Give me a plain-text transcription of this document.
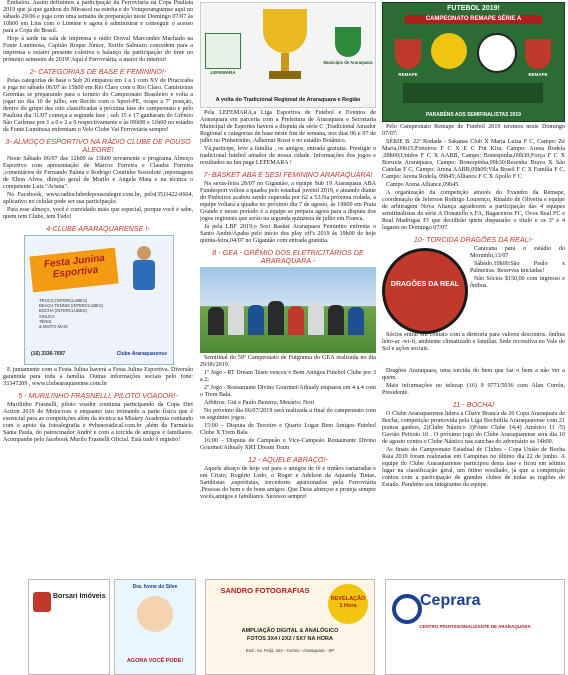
Embalou. Assim definimos a participação da Ferroviária na Copa Paulista 2019 que já que ganhou do Mirassol na estréia e do Votuporanguense aqui no sábado 29/06 e joga com uma semana de preparação neste Domingo 07/07 às 10h00 em Lins com o Linense e agora é administrar e conseguir o acesso para a Copa do Brasil.

Hoje à tarde na sala de imprensa e rádio Doival Marcondes Machado na Fonte Luminosa, Capitão Roque Júnior, Xerife Salmazo concedem para a imprensa e estarei presente coletiva o balanço da participação do time no primeiro semestre de 2019! Aqui é Ferroviária, a maior do interior!

2- CATEGORIAS DE BASE E FEMININO!-

Pelas categorias de base o Sub 20 empatou em 1 a 1 com XV de Piracicaba e joga no sábado 06/07 às 15h00 em Rio Claro com o Rio Claro. Camisteiras Gerenias se preparando para o torneio do Campeonato Brasileiro e volta a jogar no dia 10 de julho, em Recife com o Sport-PE, ocupa a 7ª posição, dentro do grupo das oito classificadas à próxima fase do campeonato e pelo Paulista dia 31/07 começa a segunda fase ; sub 15 e 17 ganharam do Grêmio São Carlense por 1 a 0 e 2 a 0 respectivamente e às 09h00 e 11h00 no estádio da Fonte Luminosa enfrentam o Velo Clube Vai Ferroviária sempre!

3- ALMOÇO ESPORTIVO NA RÁDIO CLUBE DE POUSO ALEGRE!

Neste Sábado 06/07 das 12h00 às 13h00 novamente o programa Almoço Esportivo com apresentação de Marcos Ferreira e Claudia Ferreira ,comentários de Fernando Palma e Rodrigo Coutinho Sossolote ,reportagens de Elton Alves, direção geral de Murilo e Angela Maia e na técnica o competente Luiz "Ariana".

No Facebook, www.radioclubedepousoalegre.com.br, pelo(35)3422-0604, aplicativo no celular pode ser sua participação.

Para esse almoço, você é convidado mais que especial, porque você é sabe, quem tem Clube, tem Tudo!

4-CLUBE ARARAQUARENSE !-
Festa Junina Esportiva
TRUCO (INTERCLUBES)
BEACH TENNIS (INTERCLUBES)
BOCHA (INTERCLUBES)
SINUCA
TÊNIS
& MUITO MAIS
(16) 3336-7697	Clube Araraquarense

E juntamente com a Festa Julina haverá a Festa Julina Esportiva. Diversão garantida para toda a família. Outras informações sociais pelo fone: 33347209 , www.clubearaquarense.com.br

5 - MURILINHO FRASNELLI, PILOTO VOADOR!-

Murilinho Frasnelli, piloto voador continua participando da Copa Dirt Action 2019 de Motocross e enquanto isto treinando a parte física que é essencial para as competições além da técnica na Miskey Academia contando com o apoio da fotoalegrafia e #vhsnoradical.com.br ,além da Farmácia Santa Paula, do patrocinador André e com a torcida de amigos e familiares. Acompanhe pelo facebook Murilo Frasnelli Oficial. Está tudo é registro!

LEFEMARA
Município de Araraquara
A volta do Tradicional Regional de Araraquara e Região

Pela LEFEMARA,a Liga Esportiva de Futebol e Eventos de Araraquara em parceria com a Prefeitura de Araraquara e Secretaria Municipal de Esportes haverá a disputa da série C ,Tradicional Amador Regional e categorias de base neste fim de semana, nos dias 06 e 07 de julho no Pinheirinho, Adhemar Rossi e no estádio Botânico.

Vá,participe, leve a família , os amigos, entrada gratuita. Prestígie o tradicional futebol amador de nossa cidade. Informações dos jogos e resultados na fan page LEFEMARA !

7- BASKET ABA E SESI FEMININO ARARAQUARA!

Na sexta-feira 28/07 no Gigantão, a equipe Sub 19 Araraquara ABA Fundesport voltou a quadra pelo estadual juvenil 2019, e atuando diante do Pinheiros acabou sendo superada por 62 a 53.Na próxima rodada, a equipe voltará a quadra no próximo dia 7 de agosto, às 19h00 em Praia Grande e nesse período é a equipe se prepara agora para a disputa dos jogos regionais que serão na segunda quinzena de julho em Franca.

Já pela LBF 2019,o Sesi Basket Araraquara Feminino enfrenta o Santo André/Apaba pelo início dos play off's 2019 às 19h00 de hoje quinta-feira,04/07 no Gigantão com entrada gratuita.

8 - GEA - GRÊMIO DOS ELETRICITÁRIOS DE ARARAQUARA -

Semifinal do 59º Campeonato de Futgrama do GEA realizada no dia 29/06/2019.

1º Jogo - RT Dream Team venceu o Bem Amigos Futebol Clube por 3 a 2;

2º Jogo - Restaurante Divino Gourmet/Athualy empatou em 4 a 4 com o Trem Bala.

Arbitros: Gui e Paulo Bezerra, Mesário: Nori

No próximo dia 06/07/2019 será realizada a final do campeonato com os seguintes jogos:

15:00 – Disputa de Terceiro e Quarto Lugar Bem Amigos Futebol Clube X Trem Bala

16:00 – Disputa de Campeão e Vice-Campeão Restaurante Divino Gourmet/Athualy XRT Dream Team

12 - AQUELE ABRAÇO!-

Aquele abraço de hoje vai para o amigos de fé e irmãos camaradas e em Cristo, Rogério Ledo, o Roger e Adelson da Aquarela Tintas, Sambistas ,esportistas, torcedores apaixonados pela Ferroviária .Pessoas do bem e de bons amigos .Que Deus abençoe e proteja sempre vocês,amigos e familiares. Sucesso sempre!

FUTEBOL 2019!
CAMPEONATO REMAPE SÉRIE A
REMAPE	REMAPE
PARABÉNS AOS SEMIFINALISTAS 2019

Pelo Campeonato Remape de Futebol 2019 teremos neste Domingo 07/07:

SÉRIE B: 22ª Rodada - Sakanas Club X Maria Luiza F C, Campo: Zé Maria,09h15;Freteiros F C X E C Fut Kira, Campo: Arena Rodela ,08h00;Unidos F C X AABB, Campo: Bonespinha,09h30;Força F C X Boruxia Araraquara, Campo: Bonespinha,09h30;Resenha Brava X São Canelas F C, Campo: Arena AABB,09h00;Vila Brasil F C X Família F C, Campo: Arena Rodela, 09h45;Alliance F C X Apollo F C

Campo Arena Alliance,09h45.

A organização da competição através do Evandro da Remape, coordenação de Jeferson Rodrigo Lourenço, Rinaldo de Oliveira e equipe de arbitragem Nova Aliança agradecem a participação das 4 equipes semifinalistas da série A Donatello x FA, Bagaceiros FC, Ovos Real FC e Real Madrugas FJ que decidirão quem disputarão o título e os 3º e 4 lugares no Domingo 07/07.

10- TORCIDA DRAGÕES DA REAL!-
DRAGÕES DA REAL

Caravana para o estádio do Morumbi,13/07

Sábado,19h00:São Paulo x Palmeiras. Reservas iniciadas!

Não Sócios $150,00 com ingresso e ônibus.

Sócios entrar em contato com a diretoria para valores descontos. ônibus leito-ar -wi-fi, ambiente climatizado e familiar. Sede recreativa no Vale do Sol e ações sociais.

Dragões Araraquara, uma torcida do bem que faz o bem a não ver a quem.

Mais informações no telezap (16) 9 9771/5036 com Alan Corrêa, Presidente.

11 - BOCHA!

O Clube Araraquarense lidera a Chave Branca da 26 Copa Araraquara de Bocha, competição promovida pela Liga Bochófila Araraquarense com 21 pontos ganhos, 2)Clube Náutico 3)Fonte Clube 14;4) Américo 11 /5) Gavião Peixoto 10 . O próximo jogo do Clube Araraquarense será dia 10 de agosto contra o Clube Náutico nas canchas do adversário às 14h00.

As finais do Campeonato Estadual de Clubes - Copa União de Bocha Raia 2019 foram realizadas em Campinas no último dia 22 de junho. A equipe do Clube Araraquarense participou desta fase e ficou em sétimo lugar na classificação geral, um ótimo resultado, já que a competição contou com a participação de grandes clubes de todas as regiões do Estado. Parabéns aos integrantes da equipe.

Borsari Imóveis
Dra. Ivone do Silve
AGORA VOCÊ PODE!
SANDRO FOTOGRAFIAS
REVELAÇÃO 1 Hora
AMPLIAÇÃO DIGITAL & ANALÓGICO
FOTOS 3X4 / 2X2 / 5X7 NA HORA
End.: Av. Feijó, 424 - Centro - Araraquara - SP
Ceprara
CENTRO PROFISSIONALIZANTE DE ARARAQUARA
